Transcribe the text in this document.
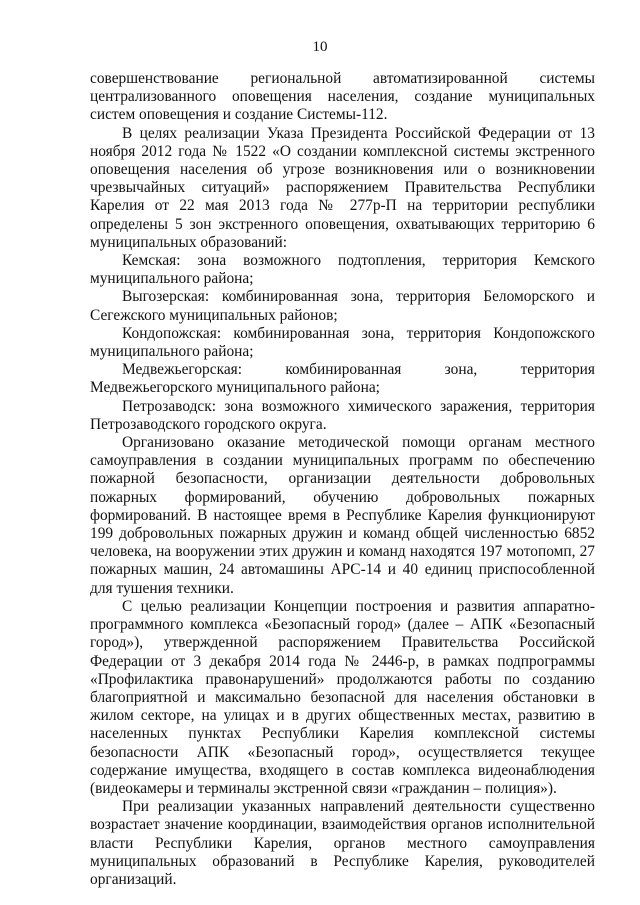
10

совершенствование региональной автоматизированной системы централизованного оповещения населения, создание муниципальных систем оповещения и создание Системы-112.

В целях реализации Указа Президента Российской Федерации от 13 ноября 2012 года № 1522 «О создании комплексной системы экстренного оповещения населения об угрозе возникновения или о возникновении чрезвычайных ситуаций» распоряжением Правительства Республики Карелия от 22 мая 2013 года № 277р-П на территории республики определены 5 зон экстренного оповещения, охватывающих территорию 6 муниципальных образований:

Кемская: зона возможного подтопления, территория Кемского муниципального района;

Выгозерская: комбинированная зона, территория Беломорского и Сегежского муниципальных районов;

Кондопожская: комбинированная зона, территория Кондопожского муниципального района;

Медвежьегорская: комбинированная зона, территория Медвежьегорского муниципального района;

Петрозаводск: зона возможного химического заражения, территория Петрозаводского городского округа.

Организовано оказание методической помощи органам местного самоуправления в создании муниципальных программ по обеспечению пожарной безопасности, организации деятельности добровольных пожарных формирований, обучению добровольных пожарных формирований. В настоящее время в Республике Карелия функционируют 199 добровольных пожарных дружин и команд общей численностью 6852 человека, на вооружении этих дружин и команд находятся 197 мотопомп, 27 пожарных машин, 24 автомашины АРС-14 и 40 единиц приспособленной для тушения техники.

С целью реализации Концепции построения и развития аппаратно-программного комплекса «Безопасный город» (далее – АПК «Безопасный город»), утвержденной распоряжением Правительства Российской Федерации от 3 декабря 2014 года № 2446-р, в рамках подпрограммы «Профилактика правонарушений» продолжаются работы по созданию благоприятной и максимально безопасной для населения обстановки в жилом секторе, на улицах и в других общественных местах, развитию в населенных пунктах Республики Карелия комплексной системы безопасности АПК «Безопасный город», осуществляется текущее содержание имущества, входящего в состав комплекса видеонаблюдения (видеокамеры и терминалы экстренной связи «гражданин – полиция»).

При реализации указанных направлений деятельности существенно возрастает значение координации, взаимодействия органов исполнительной власти Республики Карелия, органов местного самоуправления муниципальных образований в Республике Карелия, руководителей организаций.
